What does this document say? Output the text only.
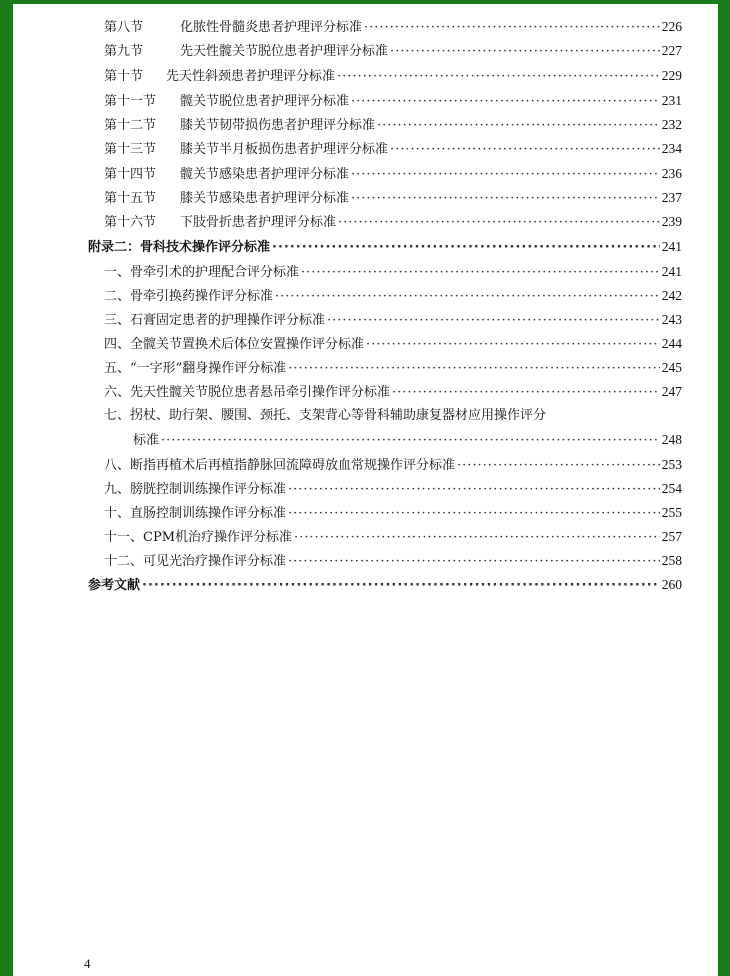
第八节	化脓性骨髓炎患者护理评分标准 ·····	226
第九节	先天性髋关节脱位患者护理评分标准 ·····	227
第十节 先天性斜颈患者护理评分标准 ·····	229
第十一节 髋关节脱位患者护理评分标准 ·····	231
第十二节 膝关节韧带损伤患者护理评分标准 ·····	232
第十三节 膝关节半月板损伤患者护理评分标准 ·····	234
第十四节 髋关节感染患者护理评分标准 ·····	236
第十五节 膝关节感染患者护理评分标准 ·····	237
第十六节 下肢骨折患者护理评分标准 ·····	239
附录二：骨科技术操作评分标准 ·····	241
一、骨牵引术的护理配合评分标准 ·····	241
二、骨牵引换药操作评分标准 ·····	242
三、石膏固定患者的护理操作评分标准 ·····	243
四、全髋关节置换术后体位安置操作评分标准 ·····	244
五、“一字形”翻身操作评分标准 ·····	245
六、先天性髋关节脱位患者悬吊牵引操作评分标准 ·····	247
七、拐杖、助行架、腰围、颈托、支架背心等骨科辅助康复器材应用操作评分
标准 ·····	248
八、断指再植术后再植指静脉回流障碍放血常规操作评分标准 ·····	253
九、膀胱控制训练操作评分标准 ·····	254
十、直肠控制训练操作评分标准 ·····	255
十一、CPM机治疗操作评分标准 ·····	257
十二、可见光治疗操作评分标准 ·····	258
参考文献 ·····	260
4
